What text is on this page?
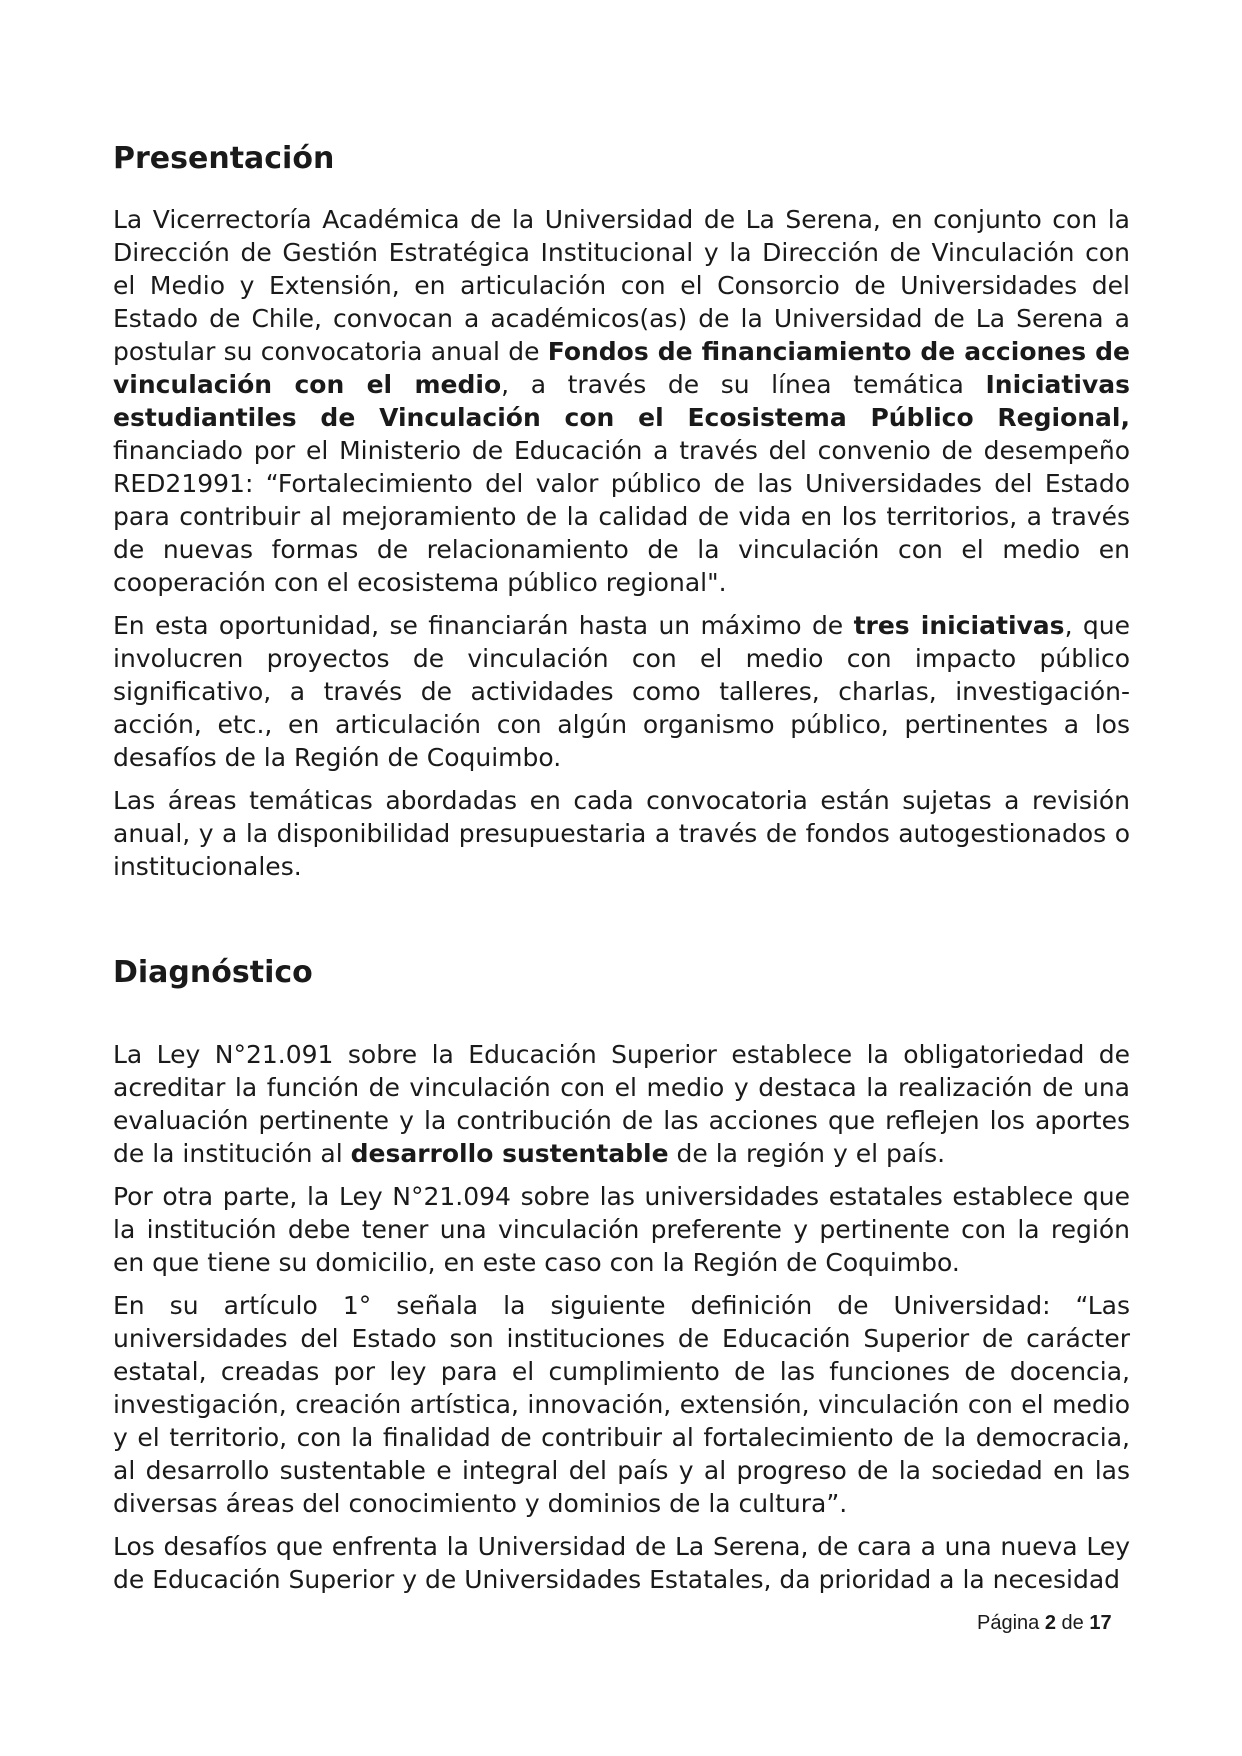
Presentación

La Vicerrectoría Académica de la Universidad de La Serena, en conjunto con la Dirección de Gestión Estratégica Institucional y la Dirección de Vinculación con el Medio y Extensión, en articulación con el Consorcio de Universidades del Estado de Chile, convocan a académicos(as) de la Universidad de La Serena a postular su convocatoria anual de Fondos de financiamiento de acciones de vinculación con el medio, a través de su línea temática Iniciativas estudiantiles de Vinculación con el Ecosistema Público Regional, financiado por el Ministerio de Educación a través del convenio de desempeño RED21991: “Fortalecimiento del valor público de las Universidades del Estado para contribuir al mejoramiento de la calidad de vida en los territorios, a través de nuevas formas de relacionamiento de la vinculación con el medio en cooperación con el ecosistema público regional".

En esta oportunidad, se financiarán hasta un máximo de tres iniciativas, que involucren proyectos de vinculación con el medio con impacto público significativo, a través de actividades como talleres, charlas, investigación-acción, etc., en articulación con algún organismo público, pertinentes a los desafíos de la Región de Coquimbo.

Las áreas temáticas abordadas en cada convocatoria están sujetas a revisión anual, y a la disponibilidad presupuestaria a través de fondos autogestionados o institucionales.

Diagnóstico

La Ley N°21.091 sobre la Educación Superior establece la obligatoriedad de acreditar la función de vinculación con el medio y destaca la realización de una evaluación pertinente y la contribución de las acciones que reflejen los aportes de la institución al desarrollo sustentable de la región y el país.

Por otra parte, la Ley N°21.094 sobre las universidades estatales establece que la institución debe tener una vinculación preferente y pertinente con la región en que tiene su domicilio, en este caso con la Región de Coquimbo.

En su artículo 1° señala la siguiente definición de Universidad: “Las universidades del Estado son instituciones de Educación Superior de carácter estatal, creadas por ley para el cumplimiento de las funciones de docencia, investigación, creación artística, innovación, extensión, vinculación con el medio y el territorio, con la finalidad de contribuir al fortalecimiento de la democracia, al desarrollo sustentable e integral del país y al progreso de la sociedad en las diversas áreas del conocimiento y dominios de la cultura”.

Los desafíos que enfrenta la Universidad de La Serena, de cara a una nueva Ley de Educación Superior y de Universidades Estatales, da prioridad a la necesidad

Página 2 de 17
